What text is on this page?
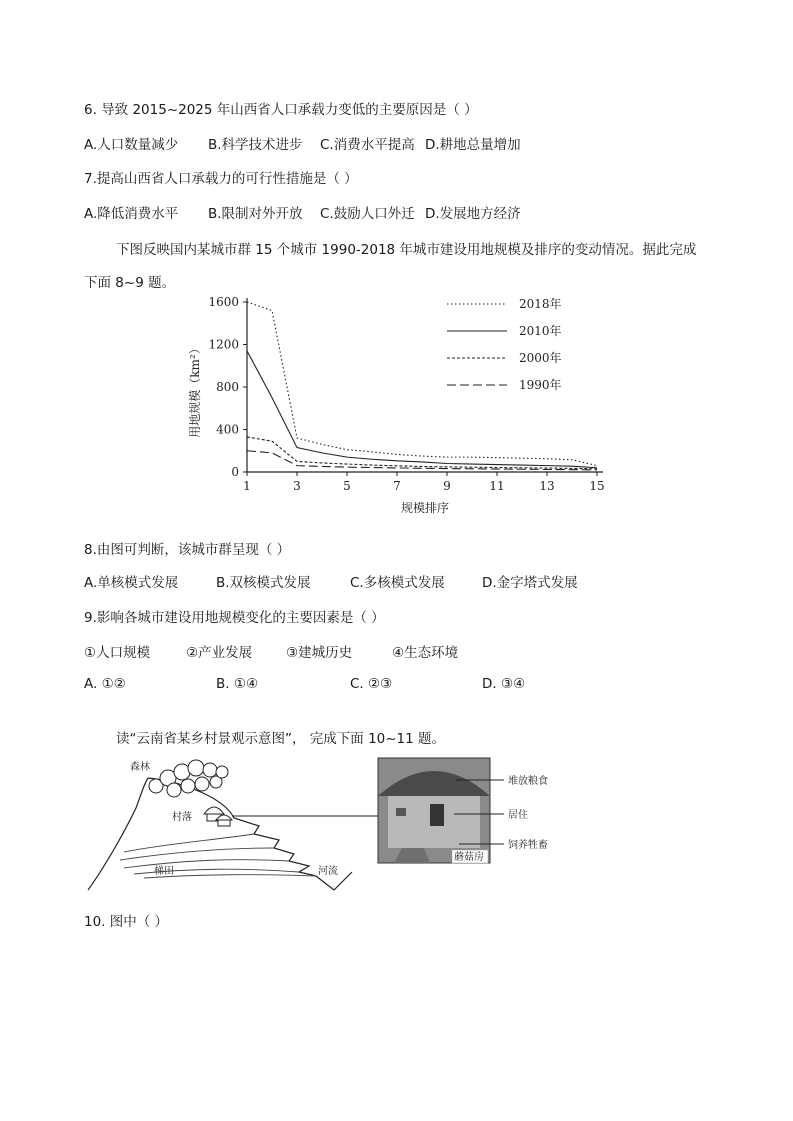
6. 导致 2015~2025 年山西省人口承载力变低的主要原因是（ ）
A.人口数量减少 B.科学技术进步 C.消费水平提高 D.耕地总量增加
7.提高山西省人口承载力的可行性措施是（ ）
A.降低消费水平 B.限制对外开放 C.鼓励人口外迁 D.发展地方经济
下图反映国内某城市群 15 个城市 1990-2018 年城市建设用地规模及排序的变动情况。据此完成
下面 8~9 题。
0
400
800
1200
1600
1	3	5	7	9	11	13	15
2018年
2010年
2000年
1990年
用地规模（km²）
规模排序
8.由图可判断，该城市群呈现（ ）
A.单核模式发展	B.双核模式发展	C.多核模式发展	D.金字塔式发展
9.影响各城市建设用地规模变化的主要因素是（ ）
①人口规模	②产业发展	③建城历史	④生态环境
A. ①②	B. ①④	C. ②③	D. ③④
读“云南省某乡村景观示意图”， 完成下面 10~11 题。
森林
村落
梯田	河流
蘑菇房
堆放粮食
居住
饲养牲畜
10. 图中（ ）
